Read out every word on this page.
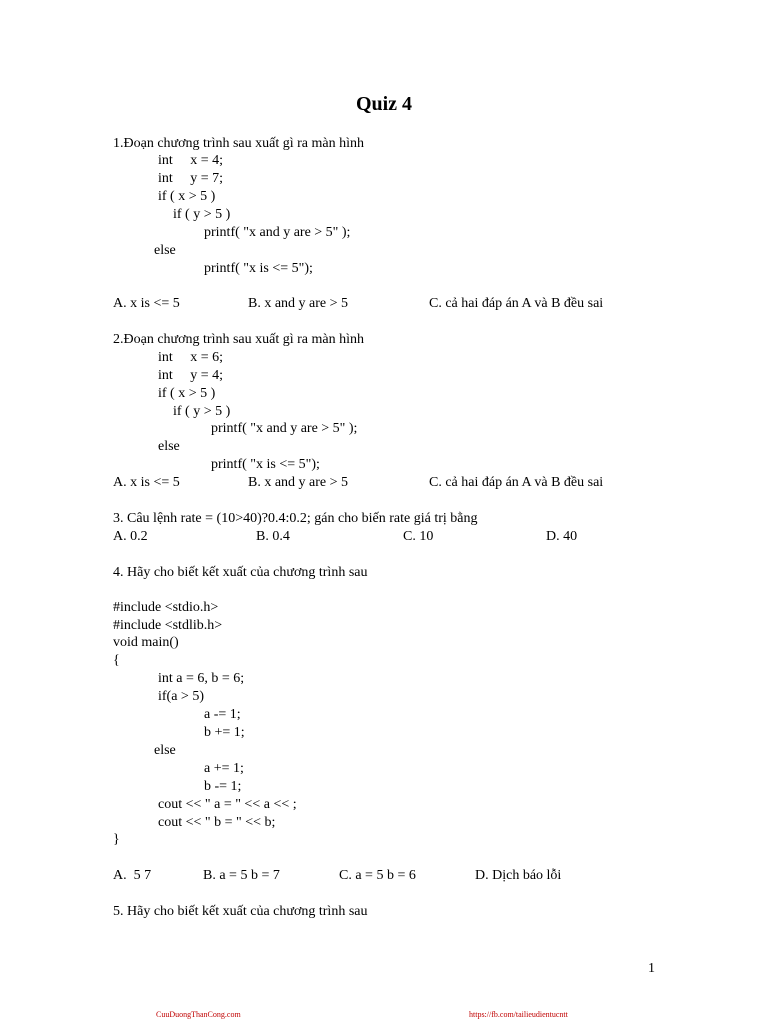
Quiz 4
1.Đoạn chương trình sau xuất gì ra màn hình
int     x = 4;
int     y = 7;
if ( x > 5 )
if ( y > 5 )
printf( "x and y are > 5" );
else
printf( "x is <= 5");
A. x is <= 5	B. x and y are > 5	C. cả hai đáp án A và B đều sai
2.Đoạn chương trình sau xuất gì ra màn hình
int     x = 6;
int     y = 4;
if ( x > 5 )
if ( y > 5 )
printf( "x and y are > 5" );
else
printf( "x is <= 5");
A. x is <= 5	B. x and y are > 5	C. cả hai đáp án A và B đều sai
3. Câu lệnh rate = (10>40)?0.4:0.2; gán cho biến rate giá trị bằng
A. 0.2	B. 0.4	C. 10	D. 40
4. Hãy cho biết kết xuất của chương trình sau
#include <stdio.h>
#include <stdlib.h>
void main()
{
int a = 6, b = 6;
if(a > 5)
a -= 1;
b += 1;
else
a += 1;
b -= 1;
cout << " a = " << a << ;
cout << " b = " << b;
}
A.  5 7	B. a = 5 b = 7	C. a = 5 b = 6	D. Dịch báo lỗi
5. Hãy cho biết kết xuất của chương trình sau
1
CuuDuongThanCong.com	https://fb.com/tailieudientucntt
